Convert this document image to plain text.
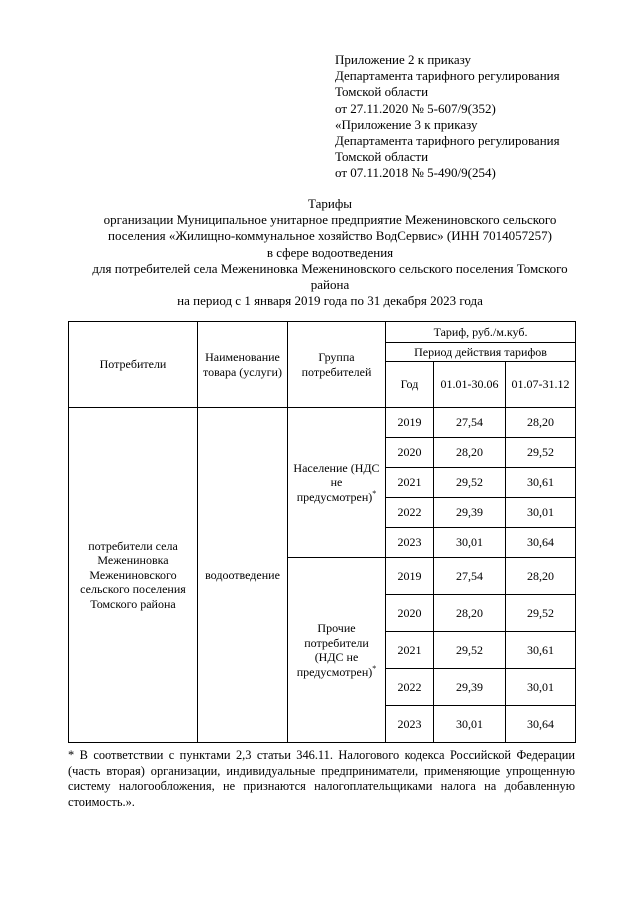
Приложение 2 к приказу
Департамента тарифного регулирования
Томской области
от 27.11.2020 № 5-607/9(352)
«Приложение 3 к приказу
Департамента тарифного регулирования
Томской области
от 07.11.2018 № 5-490/9(254)
Тарифы
организации Муниципальное унитарное предприятие Межениновского сельского
поселения «Жилищно-коммунальное хозяйство ВодСервис» (ИНН 7014057257)
в сфере водоотведения
для потребителей села Межениновка Межениновского сельского поселения Томского
района
на период с 1 января 2019 года по 31 декабря 2023 года
Потребители	Наименование товара (услуги)	Группа потребителей	Тариф, руб./м.куб.		
			Период действия тарифов		
			Год	01.01-30.06	01.07-31.12
потребители села Межениновка Межениновского сельского поселения Томского района	водоотведение	Население (НДС не предусмотрен)*	2019	27,54	28,20
			2020	28,20	29,52
			2021	29,52	30,61
			2022	29,39	30,01
			2023	30,01	30,64
		Прочие потребители (НДС не предусмотрен)*	2019	27,54	28,20
			2020	28,20	29,52
			2021	29,52	30,61
			2022	29,39	30,01
			2023	30,01	30,64
* В соответствии с пунктами 2,3 статьи 346.11. Налогового кодекса Российской Федерации (часть вторая) организации, индивидуальные предприниматели, применяющие упрощенную систему налогообложения, не признаются налогоплательщиками налога на добавленную стоимость.».
